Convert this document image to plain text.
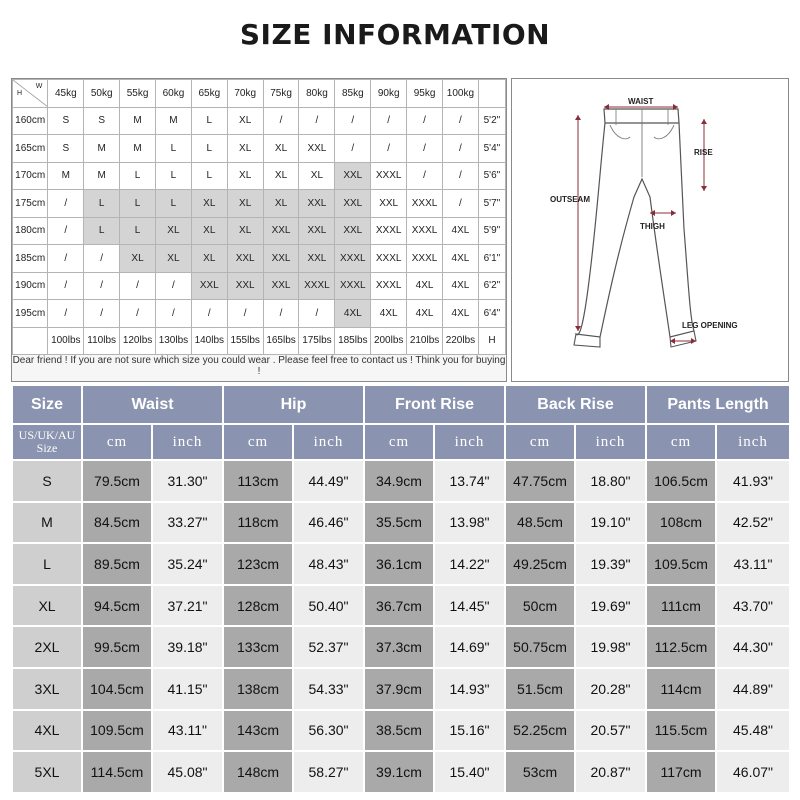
SIZE INFORMATION
H
W	45kg	50kg	55kg	60kg	65kg	70kg	75kg	80kg	85kg	90kg	95kg	100kg	
160cm	S	S	M	M	L	XL	/	/	/	/	/	/	5'2"
165cm	S	M	M	L	L	XL	XL	XXL	/	/	/	/	5'4"
170cm	M	M	L	L	L	XL	XL	XL	XXL	XXXL	/	/	5'6"
175cm	/	L	L	L	XL	XL	XL	XXL	XXL	XXL	XXXL	/	5'7"
180cm	/	L	L	XL	XL	XL	XXL	XXL	XXL	XXXL	XXXL	4XL	5'9"
185cm	/	/	XL	XL	XL	XXL	XXL	XXL	XXXL	XXXL	XXXL	4XL	6'1"
190cm	/	/	/	/	XXL	XXL	XXL	XXXL	XXXL	XXXL	4XL	4XL	6'2"
195cm	/	/	/	/	/	/	/	/	4XL	4XL	4XL	4XL	6'4"
	100lbs	110lbs	120lbs	130lbs	140lbs	155lbs	165lbs	175lbs	185lbs	200lbs	210lbs	220lbs	H
Dear friend ! If you are not sure which size you could wear . Please feel free to contact us ! Think you for buying !
WAIST
RISE
OUTSEAM
THIGH
LEG OPENING
Size	Waist		Hip		Front Rise		Back Rise		Pants Length	
US/UK/AU Size	cm	inch	cm	inch	cm	inch	cm	inch	cm	inch
S	79.5cm	31.30"	113cm	44.49"	34.9cm	13.74"	47.75cm	18.80"	106.5cm	41.93"
M	84.5cm	33.27"	118cm	46.46"	35.5cm	13.98"	48.5cm	19.10"	108cm	42.52"
L	89.5cm	35.24"	123cm	48.43"	36.1cm	14.22"	49.25cm	19.39"	109.5cm	43.11"
XL	94.5cm	37.21"	128cm	50.40"	36.7cm	14.45"	50cm	19.69"	111cm	43.70"
2XL	99.5cm	39.18"	133cm	52.37"	37.3cm	14.69"	50.75cm	19.98"	112.5cm	44.30"
3XL	104.5cm	41.15"	138cm	54.33"	37.9cm	14.93"	51.5cm	20.28"	114cm	44.89"
4XL	109.5cm	43.11"	143cm	56.30"	38.5cm	15.16"	52.25cm	20.57"	115.5cm	45.48"
5XL	114.5cm	45.08"	148cm	58.27"	39.1cm	15.40"	53cm	20.87"	117cm	46.07"
